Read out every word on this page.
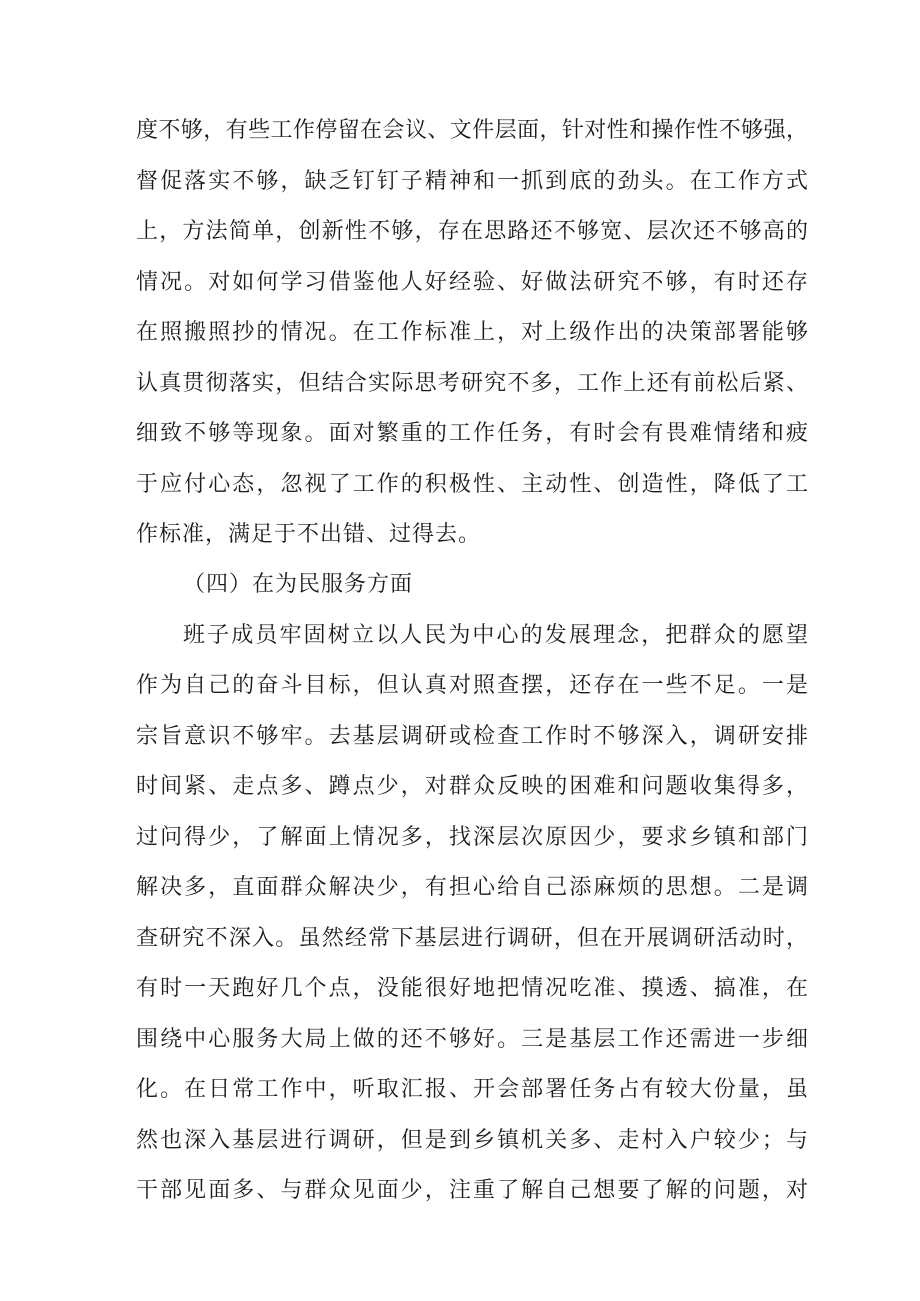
度不够，有些工作停留在会议、文件层面，针对性和操作性不够强，
督促落实不够，缺乏钉钉子精神和一抓到底的劲头。在工作方式
上，方法简单，创新性不够，存在思路还不够宽、层次还不够高的
情况。对如何学习借鉴他人好经验、好做法研究不够，有时还存
在照搬照抄的情况。在工作标准上，对上级作出的决策部署能够
认真贯彻落实，但结合实际思考研究不多，工作上还有前松后紧、
细致不够等现象。面对繁重的工作任务，有时会有畏难情绪和疲
于应付心态，忽视了工作的积极性、主动性、创造性，降低了工
作标准，满足于不出错、过得去。
（四）在为民服务方面
班子成员牢固树立以人民为中心的发展理念，把群众的愿望
作为自己的奋斗目标，但认真对照查摆，还存在一些不足。一是
宗旨意识不够牢。去基层调研或检查工作时不够深入，调研安排
时间紧、走点多、蹲点少，对群众反映的困难和问题收集得多，
过问得少，了解面上情况多，找深层次原因少，要求乡镇和部门
解决多，直面群众解决少，有担心给自己添麻烦的思想。二是调
查研究不深入。虽然经常下基层进行调研，但在开展调研活动时，
有时一天跑好几个点，没能很好地把情况吃准、摸透、搞准，在
围绕中心服务大局上做的还不够好。三是基层工作还需进一步细
化。在日常工作中，听取汇报、开会部署任务占有较大份量，虽
然也深入基层进行调研，但是到乡镇机关多、走村入户较少；与
干部见面多、与群众见面少，注重了解自己想要了解的问题，对
